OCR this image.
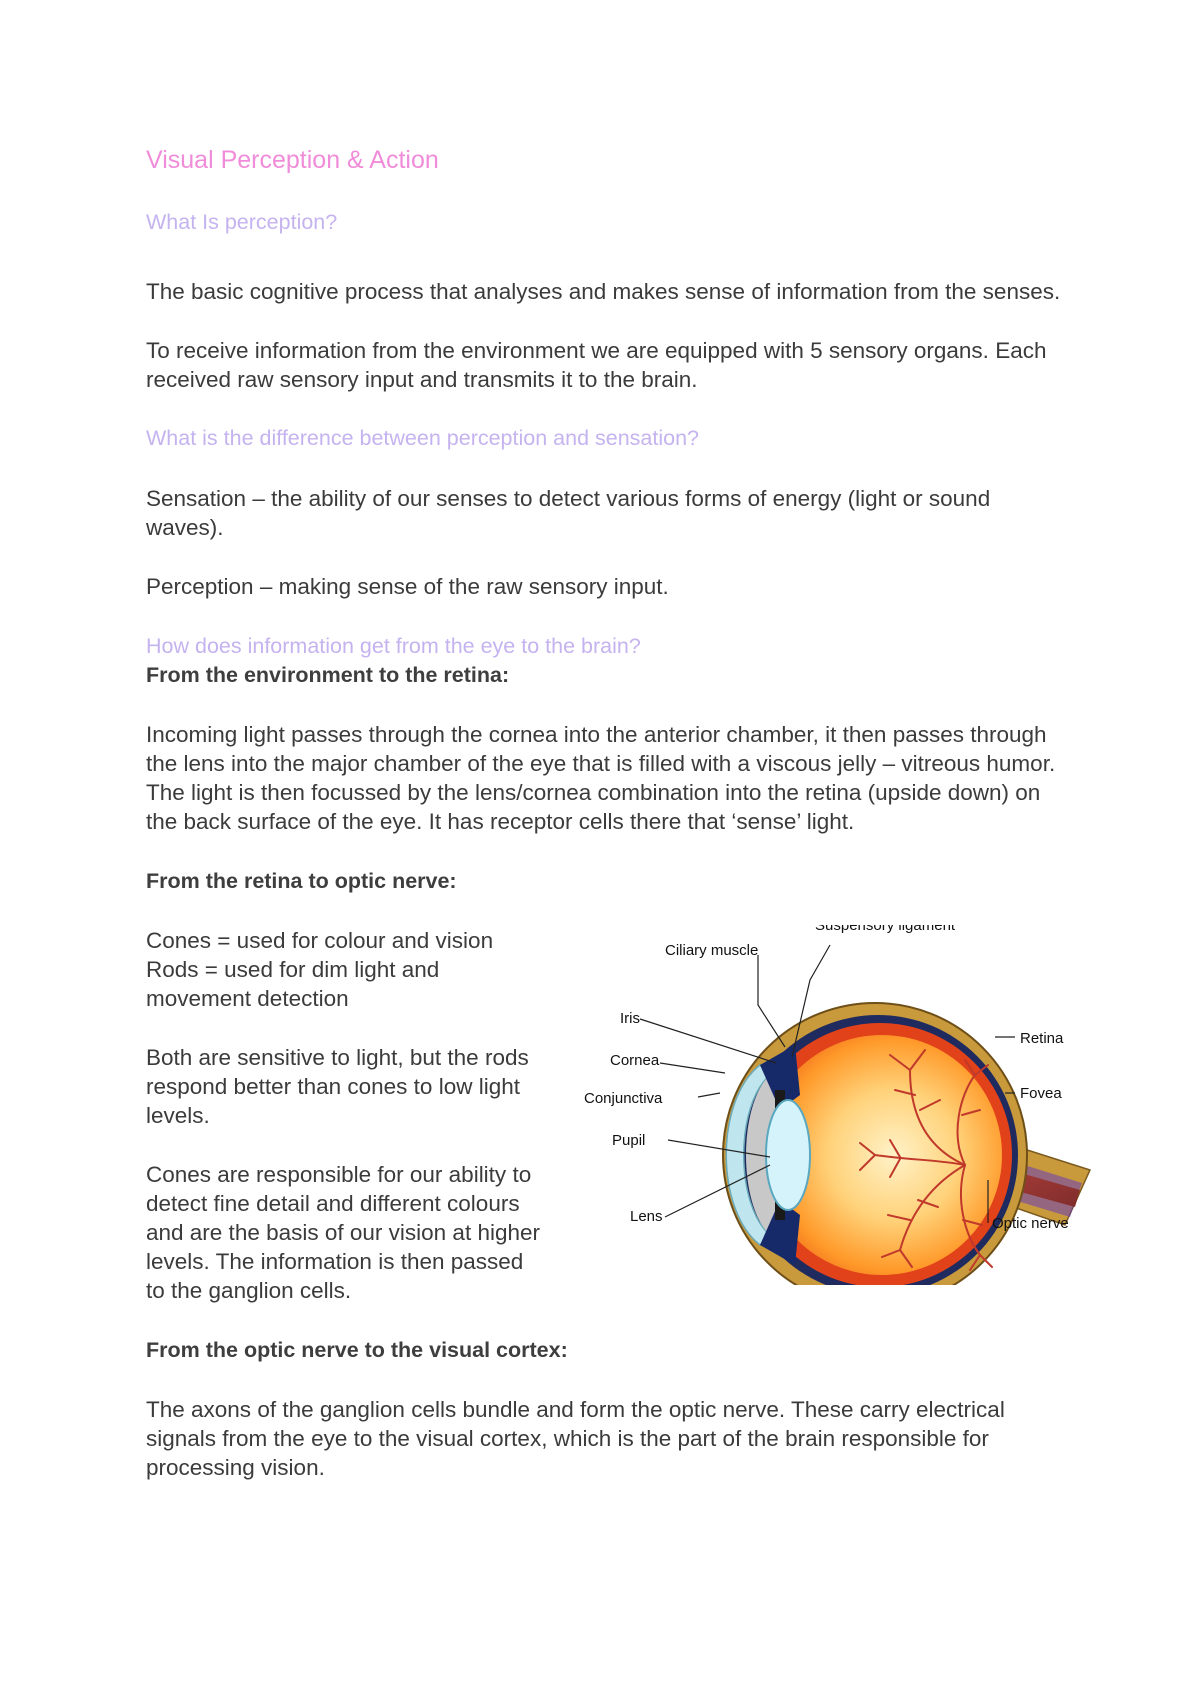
Visual Perception & Action

What Is perception?

The basic cognitive process that analyses and makes sense of information from the senses.

To receive information from the environment we are equipped with 5 sensory organs. Each

received raw sensory input and transmits it to the brain.

What is the difference between perception and sensation?

Sensation – the ability of our senses to detect various forms of energy (light or sound

waves).

Perception – making sense of the raw sensory input.

How does information get from the eye to the brain?

From the environment to the retina:

Incoming light passes through the cornea into the anterior chamber, it then passes through

the lens into the major chamber of the eye that is filled with a viscous jelly – vitreous humor.

The light is then focussed by the lens/cornea combination into the retina (upside down) on

the back surface of the eye. It has receptor cells there that ‘sense’ light.

From the retina to optic nerve:

Cones = used for colour and vision

Rods = used for dim light and

movement detection

Both are sensitive to light, but the rods

respond better than cones to low light

levels.

Cones are responsible for our ability to

detect fine detail and different colours

and are the basis of our vision at higher

levels. The information is then passed

to the ganglion cells.

From the optic nerve to the visual cortex:

The axons of the ganglion cells bundle and form the optic nerve. These carry electrical

signals from the eye to the visual cortex, which is the part of the brain responsible for

processing vision.

Ciliary muscle
Suspensory ligament
Iris
Cornea
Conjunctiva
Pupil
Lens
Retina
Fovea
Optic nerve
